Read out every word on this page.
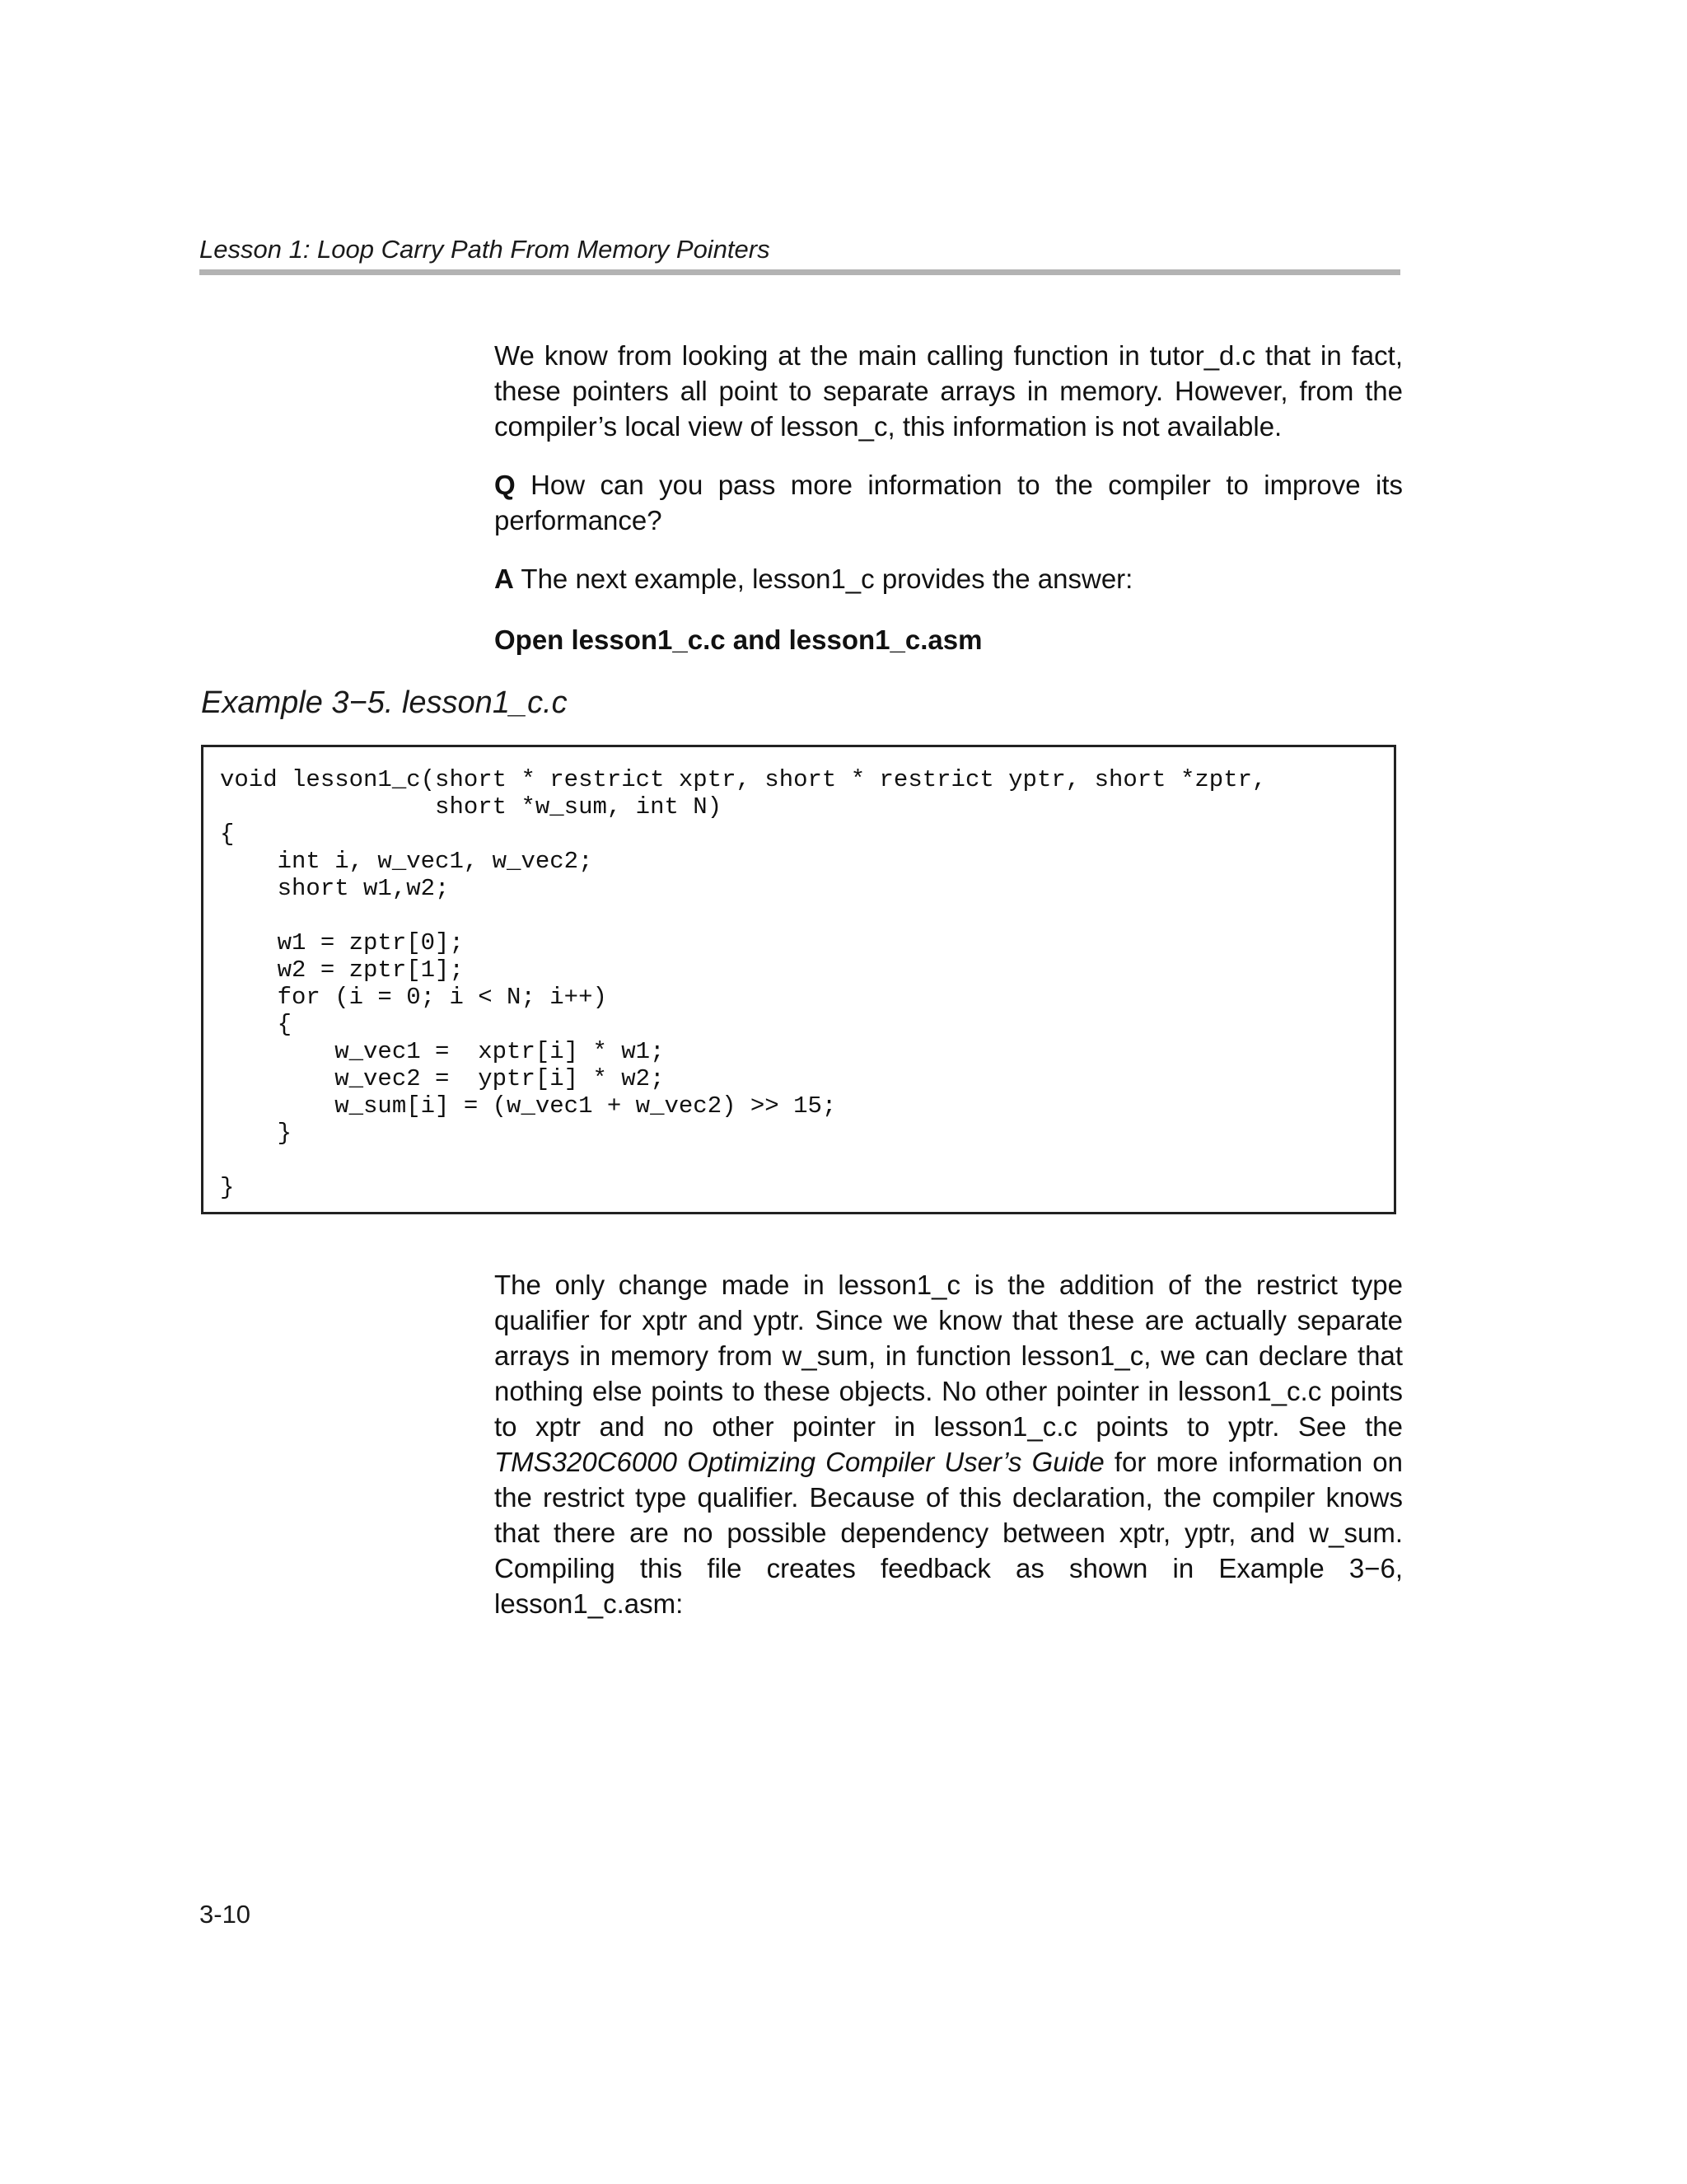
Lesson 1: Loop Carry Path From Memory Pointers

We know from looking at the main calling function in tutor_d.c that in fact, these pointers all point to separate arrays in memory. However, from the compiler’s local view of lesson_c, this information is not available.

Q How can you pass more information to the compiler to improve its performance?

A The next example, lesson1_c provides the answer:

Open lesson1_c.c and lesson1_c.asm

Example 3−5. lesson1_c.c
void lesson1_c(short * restrict xptr, short * restrict yptr, short *zptr,
short *w_sum, int N)
{
int i, w_vec1, w_vec2;
short w1,w2;

w1 = zptr[0];
w2 = zptr[1];
for (i = 0; i < N; i++)
{
w_vec1 =  xptr[i] * w1;
w_vec2 =  yptr[i] * w2;
w_sum[i] = (w_vec1 + w_vec2) >> 15;
}

}

The only change made in lesson1_c is the addition of the restrict type qualifier for xptr and yptr. Since we know that these are actually separate arrays in memory from w_sum, in function lesson1_c, we can declare that nothing else points to these objects. No other pointer in lesson1_c.c points to xptr and no other pointer in lesson1_c.c points to yptr. See the TMS320C6000 Optimizing Compiler User’s Guide for more information on the restrict type qualifier. Because of this declaration, the compiler knows that there are no possible dependency between xptr, yptr, and w_sum. Compiling this file creates feedback as shown in Example 3−6, lesson1_c.asm:

3-10
